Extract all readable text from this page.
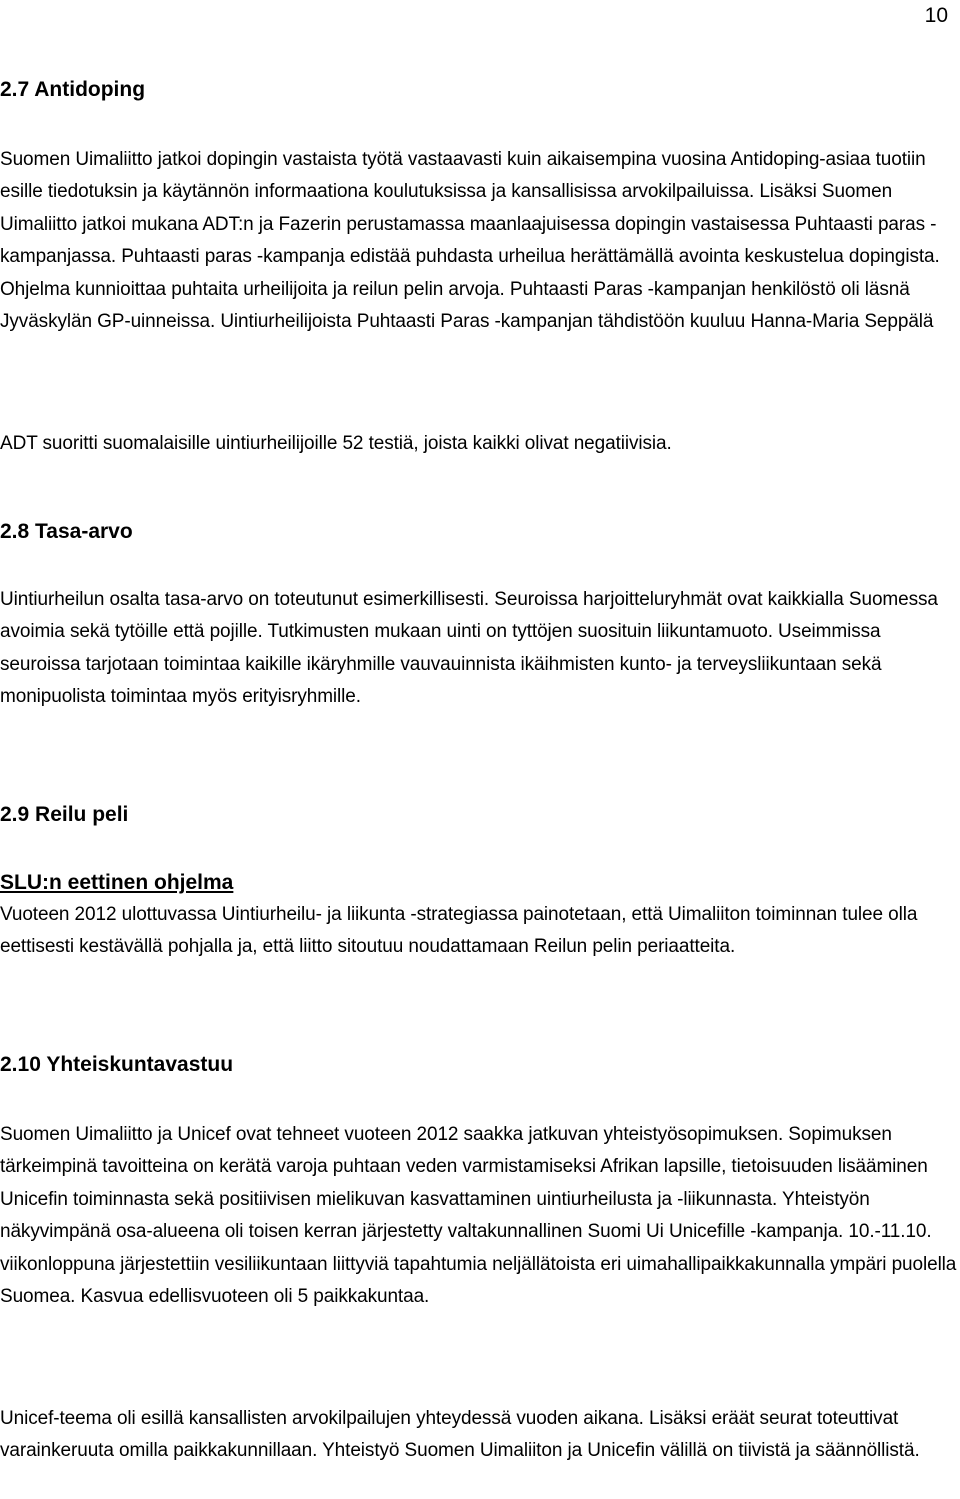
10
2.7 Antidoping

Suomen Uimaliitto jatkoi dopingin vastaista työtä vastaavasti kuin aikaisempina vuosina Antidoping-asiaa tuotiin esille tiedotuksin ja käytännön informaationa koulutuksissa ja kansallisissa arvokilpailuissa. Lisäksi Suomen Uimaliitto jatkoi mukana ADT:n ja Fazerin perustamassa maanlaajuisessa dopingin vastaisessa Puhtaasti paras -kampanjassa. Puhtaasti paras -kampanja edistää puhdasta urheilua herättämällä avointa keskustelua dopingista. Ohjelma kunnioittaa puhtaita urheilijoita ja reilun pelin arvoja. Puhtaasti Paras -kampanjan henkilöstö oli läsnä Jyväskylän GP-uinneissa. Uintiurheilijoista Puhtaasti Paras -kampanjan tähdistöön kuuluu Hanna-Maria Seppälä

ADT suoritti suomalaisille uintiurheilijoille 52 testiä, joista kaikki olivat negatiivisia.

2.8 Tasa-arvo

Uintiurheilun osalta tasa-arvo on toteutunut esimerkillisesti. Seuroissa harjoitteluryhmät ovat kaikkialla Suomessa avoimia sekä tytöille että pojille. Tutkimusten mukaan uinti on tyttöjen suosituin liikuntamuoto. Useimmissa seuroissa tarjotaan toimintaa kaikille ikäryhmille vauvauinnista ikäihmisten kunto- ja terveysliikuntaan sekä monipuolista toimintaa myös erityisryhmille.

2.9 Reilu peli
SLU:n eettinen ohjelma

Vuoteen 2012 ulottuvassa Uintiurheilu- ja liikunta -strategiassa painotetaan, että Uimaliiton toiminnan tulee olla eettisesti kestävällä pohjalla ja, että liitto sitoutuu noudattamaan Reilun pelin periaatteita.

2.10 Yhteiskuntavastuu

Suomen Uimaliitto ja Unicef ovat tehneet vuoteen 2012 saakka jatkuvan yhteistyösopimuksen. Sopimuksen tärkeimpinä tavoitteina on kerätä varoja puhtaan veden varmistamiseksi Afrikan lapsille, tietoisuuden lisääminen Unicefin toiminnasta sekä positiivisen mielikuvan kasvattaminen uintiurheilusta ja -liikunnasta. Yhteistyön näkyvimpänä osa-alueena oli toisen kerran järjestetty valtakunnallinen Suomi Ui Unicefille -kampanja. 10.-11.10. viikonloppuna järjestettiin vesiliikuntaan liittyviä tapahtumia neljällätoista eri uimahallipaikkakunnalla ympäri puolella Suomea. Kasvua edellisvuoteen oli 5 paikkakuntaa.

Unicef-teema oli esillä kansallisten arvokilpailujen yhteydessä vuoden aikana. Lisäksi eräät seurat toteuttivat varainkeruuta omilla paikkakunnillaan. Yhteistyö Suomen Uimaliiton ja Unicefin välillä on tiivistä ja säännöllistä.
